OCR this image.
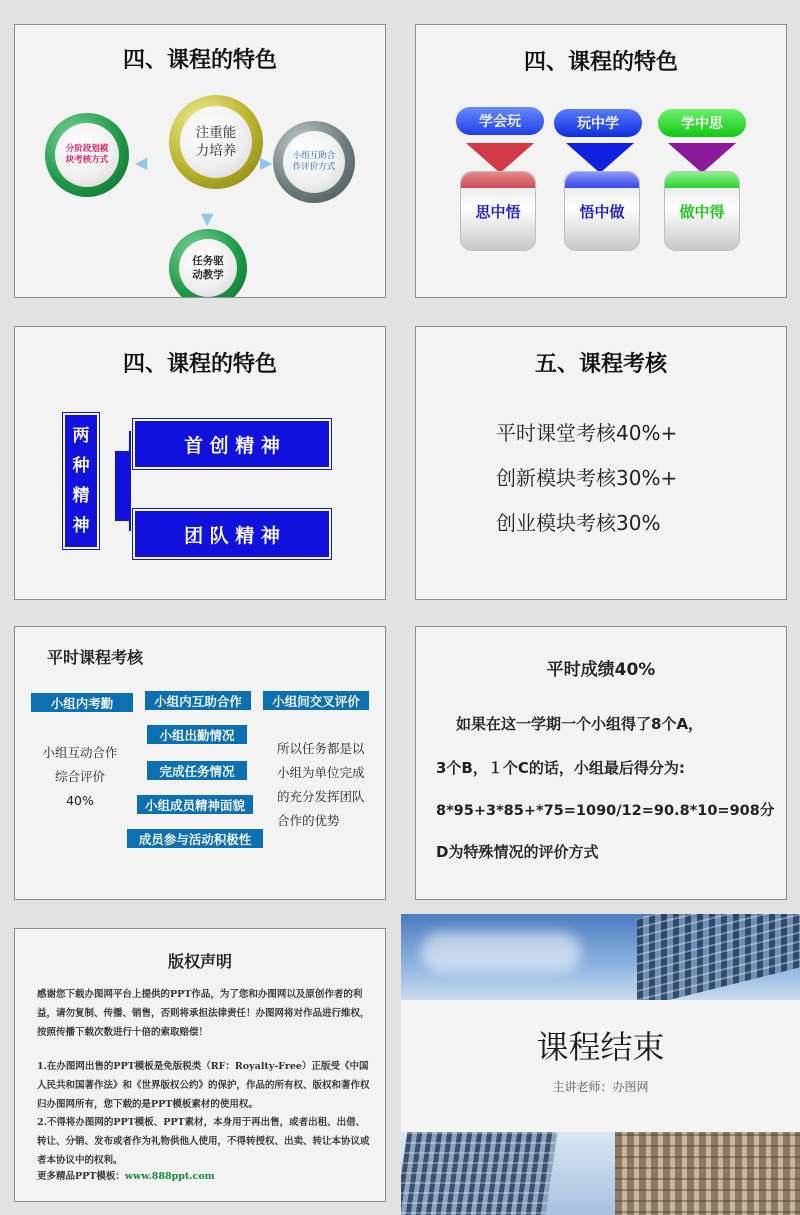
四、课程的特色
注重能
力培养
分阶段划模
块考核方式	小组互助合
作评价方式
任务驱
动教学
◀	▶
▼
四、课程的特色
学会玩	玩中学	学中思
思中悟	悟中做	做中得
四、课程的特色
两
种
精
神
首 创 精 神
团 队 精 神
五、课程考核
平时课堂考核40%+
创新模块考核30%+
创业模块考核30%
平时课程考核
小组内考勤	小组内互助合作	小组间交叉评价
小组出勤情况
完成任务情况
小组成员精神面貌
成员参与活动积极性
小组互动合作
综合评价
40%
所以任务都是以
小组为单位完成
的充分发挥团队
合作的优势
平时成绩40%
如果在这一学期一个小组得了8个A，
3个B，１个C的话，小组最后得分为:
8*95+3*85+*75=1090/12=90.8*10=908分
D为特殊情况的评价方式
版权声明

感谢您下载办图网平台上提供的PPT作品，为了您和办图网以及原创作者的利益，请勿复制、传播、销售，否则将承担法律责任！办图网将对作品进行维权，按照传播下载次数进行十倍的索取赔偿！

1.在办图网出售的PPT模板是免版税类（RF：Royalty-Free）正版受《中国人民共和国著作法》和《世界版权公约》的保护，作品的所有权、版权和著作权归办图网所有，您下载的是PPT模板素材的使用权。

2.不得将办图网的PPT模板、PPT素材，本身用于再出售，或者出租、出借、转让、分销、发布或者作为礼物供他人使用，不得转授权、出卖、转让本协议或者本协议中的权利。

更多精品PPT模板：www.888ppt.com

课程结束
主讲老师：办图网
